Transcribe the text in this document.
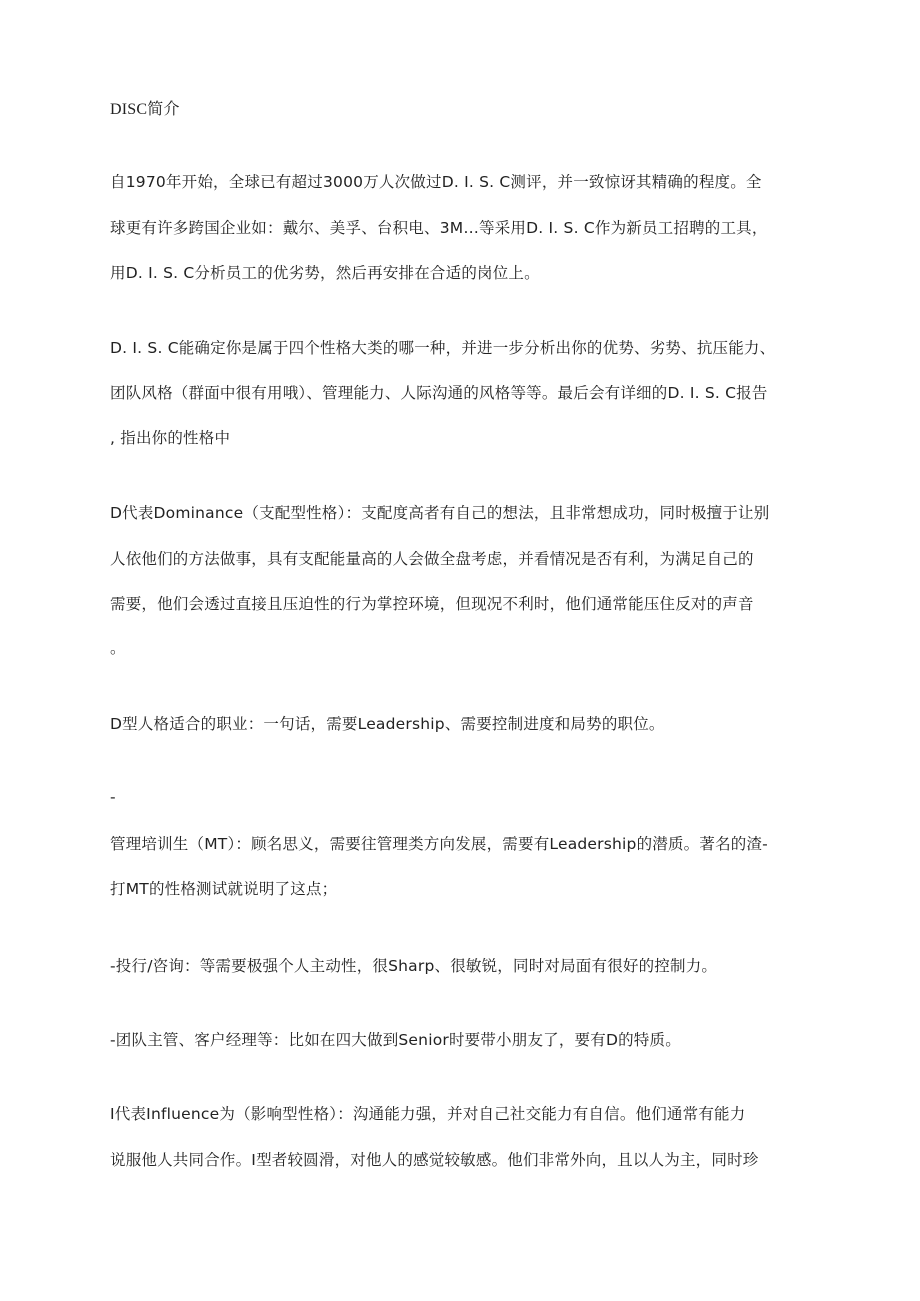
DISC简介
自1970年开始，全球已有超过3000万人次做过D. I. S. C测评，并一致惊讶其精确的程度。全
球更有许多跨国企业如：戴尔、美孚、台积电、3M…等采用D. I. S. C作为新员工招聘的工具，
用D. I. S. C分析员工的优劣势，然后再安排在合适的岗位上。
D. I. S. C能确定你是属于四个性格大类的哪一种，并进一步分析出你的优势、劣势、抗压能力、
团队风格（群面中很有用哦）、管理能力、人际沟通的风格等等。最后会有详细的D. I. S. C报告
, 指出你的性格中
D代表Dominance（支配型性格）：支配度高者有自己的想法，且非常想成功，同时极擅于让别
人依他们的方法做事，具有支配能量高的人会做全盘考虑，并看情况是否有利，为满足自己的
需要，他们会透过直接且压迫性的行为掌控环境，但现况不利时，他们通常能压住反对的声音
。
D型人格适合的职业：一句话，需要Leadership、需要控制进度和局势的职位。
-
管理培训生（MT）：顾名思义，需要往管理类方向发展，需要有Leadership的潜质。著名的渣-
打MT的性格测试就说明了这点；
-投行/咨询：等需要极强个人主动性，很Sharp、很敏锐，同时对局面有很好的控制力。
-团队主管、客户经理等：比如在四大做到Senior时要带小朋友了，要有D的特质。
I代表Influence为（影响型性格）：沟通能力强，并对自己社交能力有自信。他们通常有能力
说服他人共同合作。I型者较圆滑，对他人的感觉较敏感。他们非常外向，且以人为主，同时珍
